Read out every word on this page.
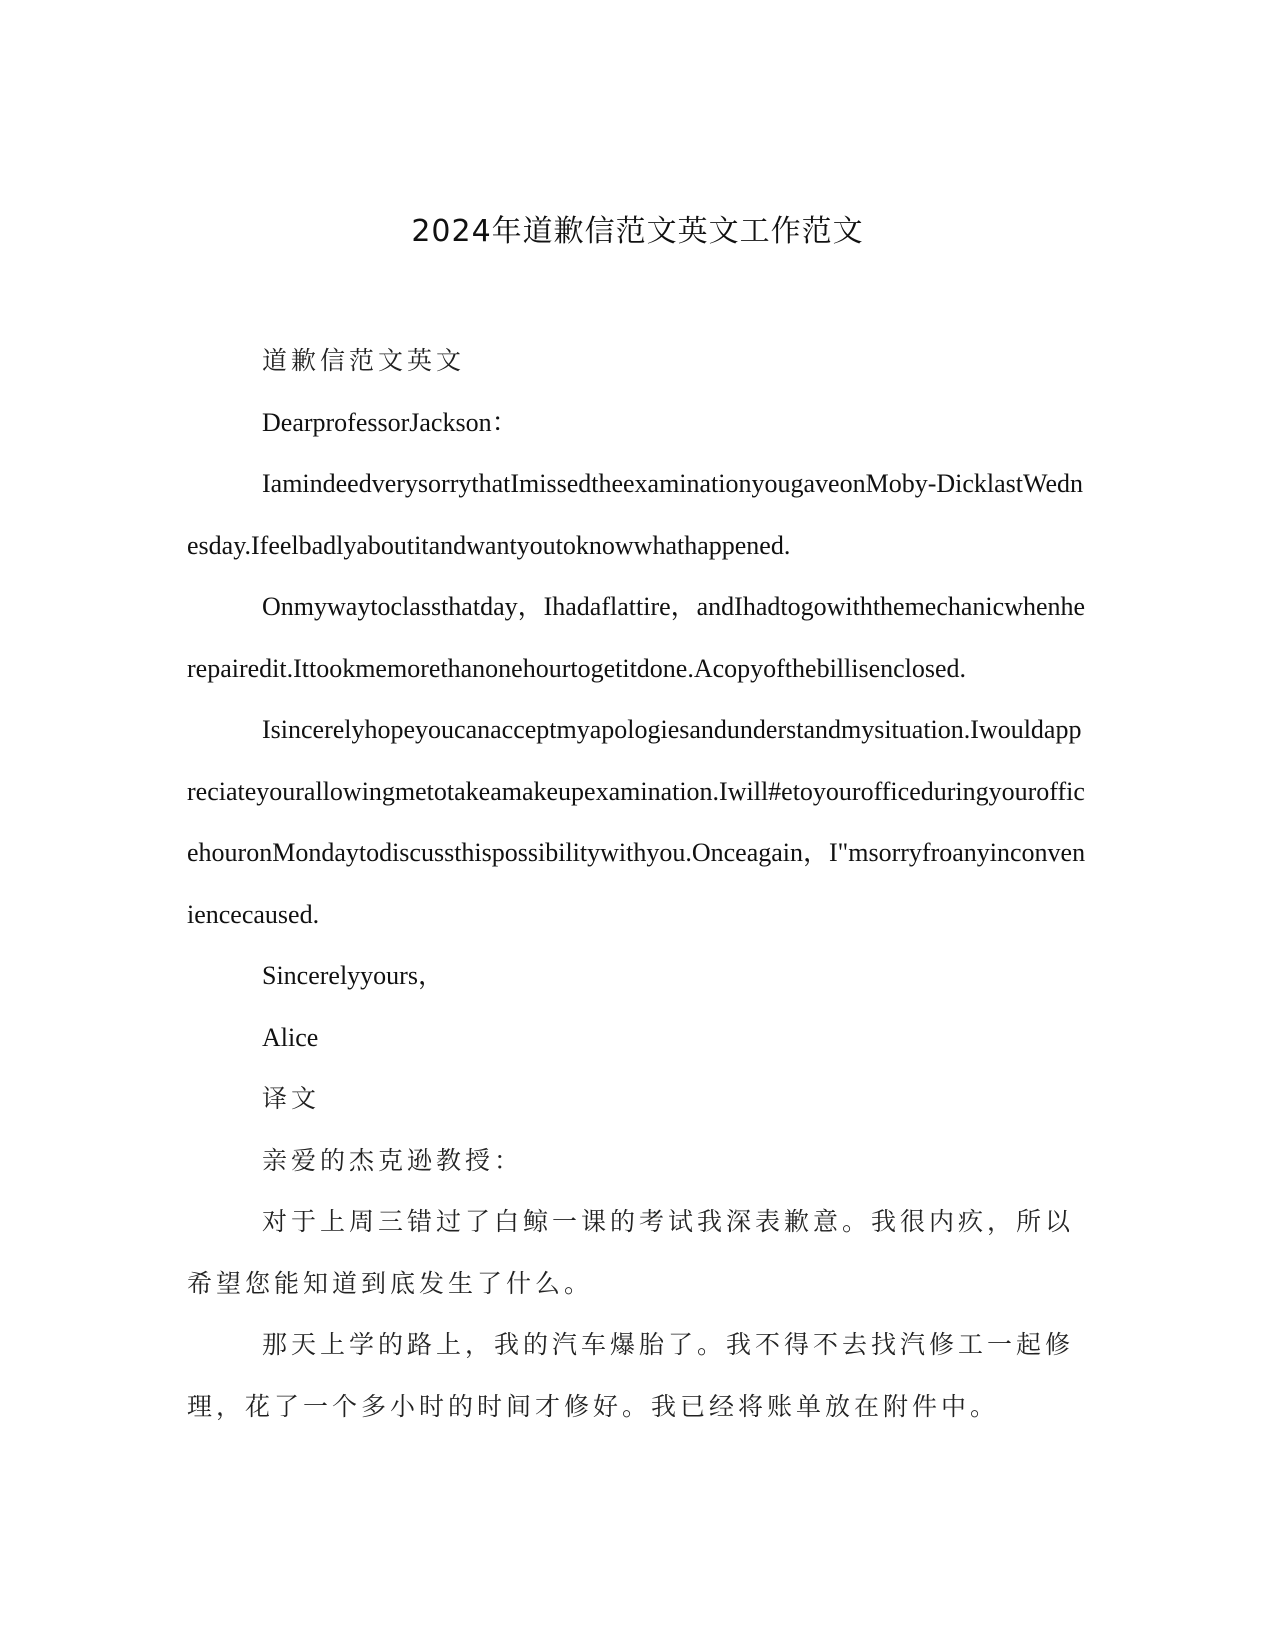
2024年道歉信范文英文工作范文

道歉信范文英文

DearprofessorJackson：

IamindeedverysorrythatImissedtheexaminationyougaveonMoby-DicklastWednesday.Ifeelbadlyaboutitandwantyoutoknowwhathappened.

Onmywaytoclassthatday，Ihadaflattire，andIhadtogowiththemechanicwhenherepairedit.Ittookmemorethanonehourtogetitdone.Acopyofthebillisenclosed.

Isincerelyhopeyoucanacceptmyapologiesandunderstandmysituation.Iwouldappreciateyourallowingmetotakeamakeupexamination.Iwill#etoyourofficeduringyourofficehouronMondaytodiscussthispossibilitywithyou.Onceagain，I"msorryfroanyinconveniencecaused.

Sincerelyyours，

Alice

译文

亲爱的杰克逊教授：

对于上周三错过了白鲸一课的考试我深表歉意。我很内疚，所以希望您能知道到底发生了什么。

那天上学的路上，我的汽车爆胎了。我不得不去找汽修工一起修理，花了一个多小时的时间才修好。我已经将账单放在附件中。
